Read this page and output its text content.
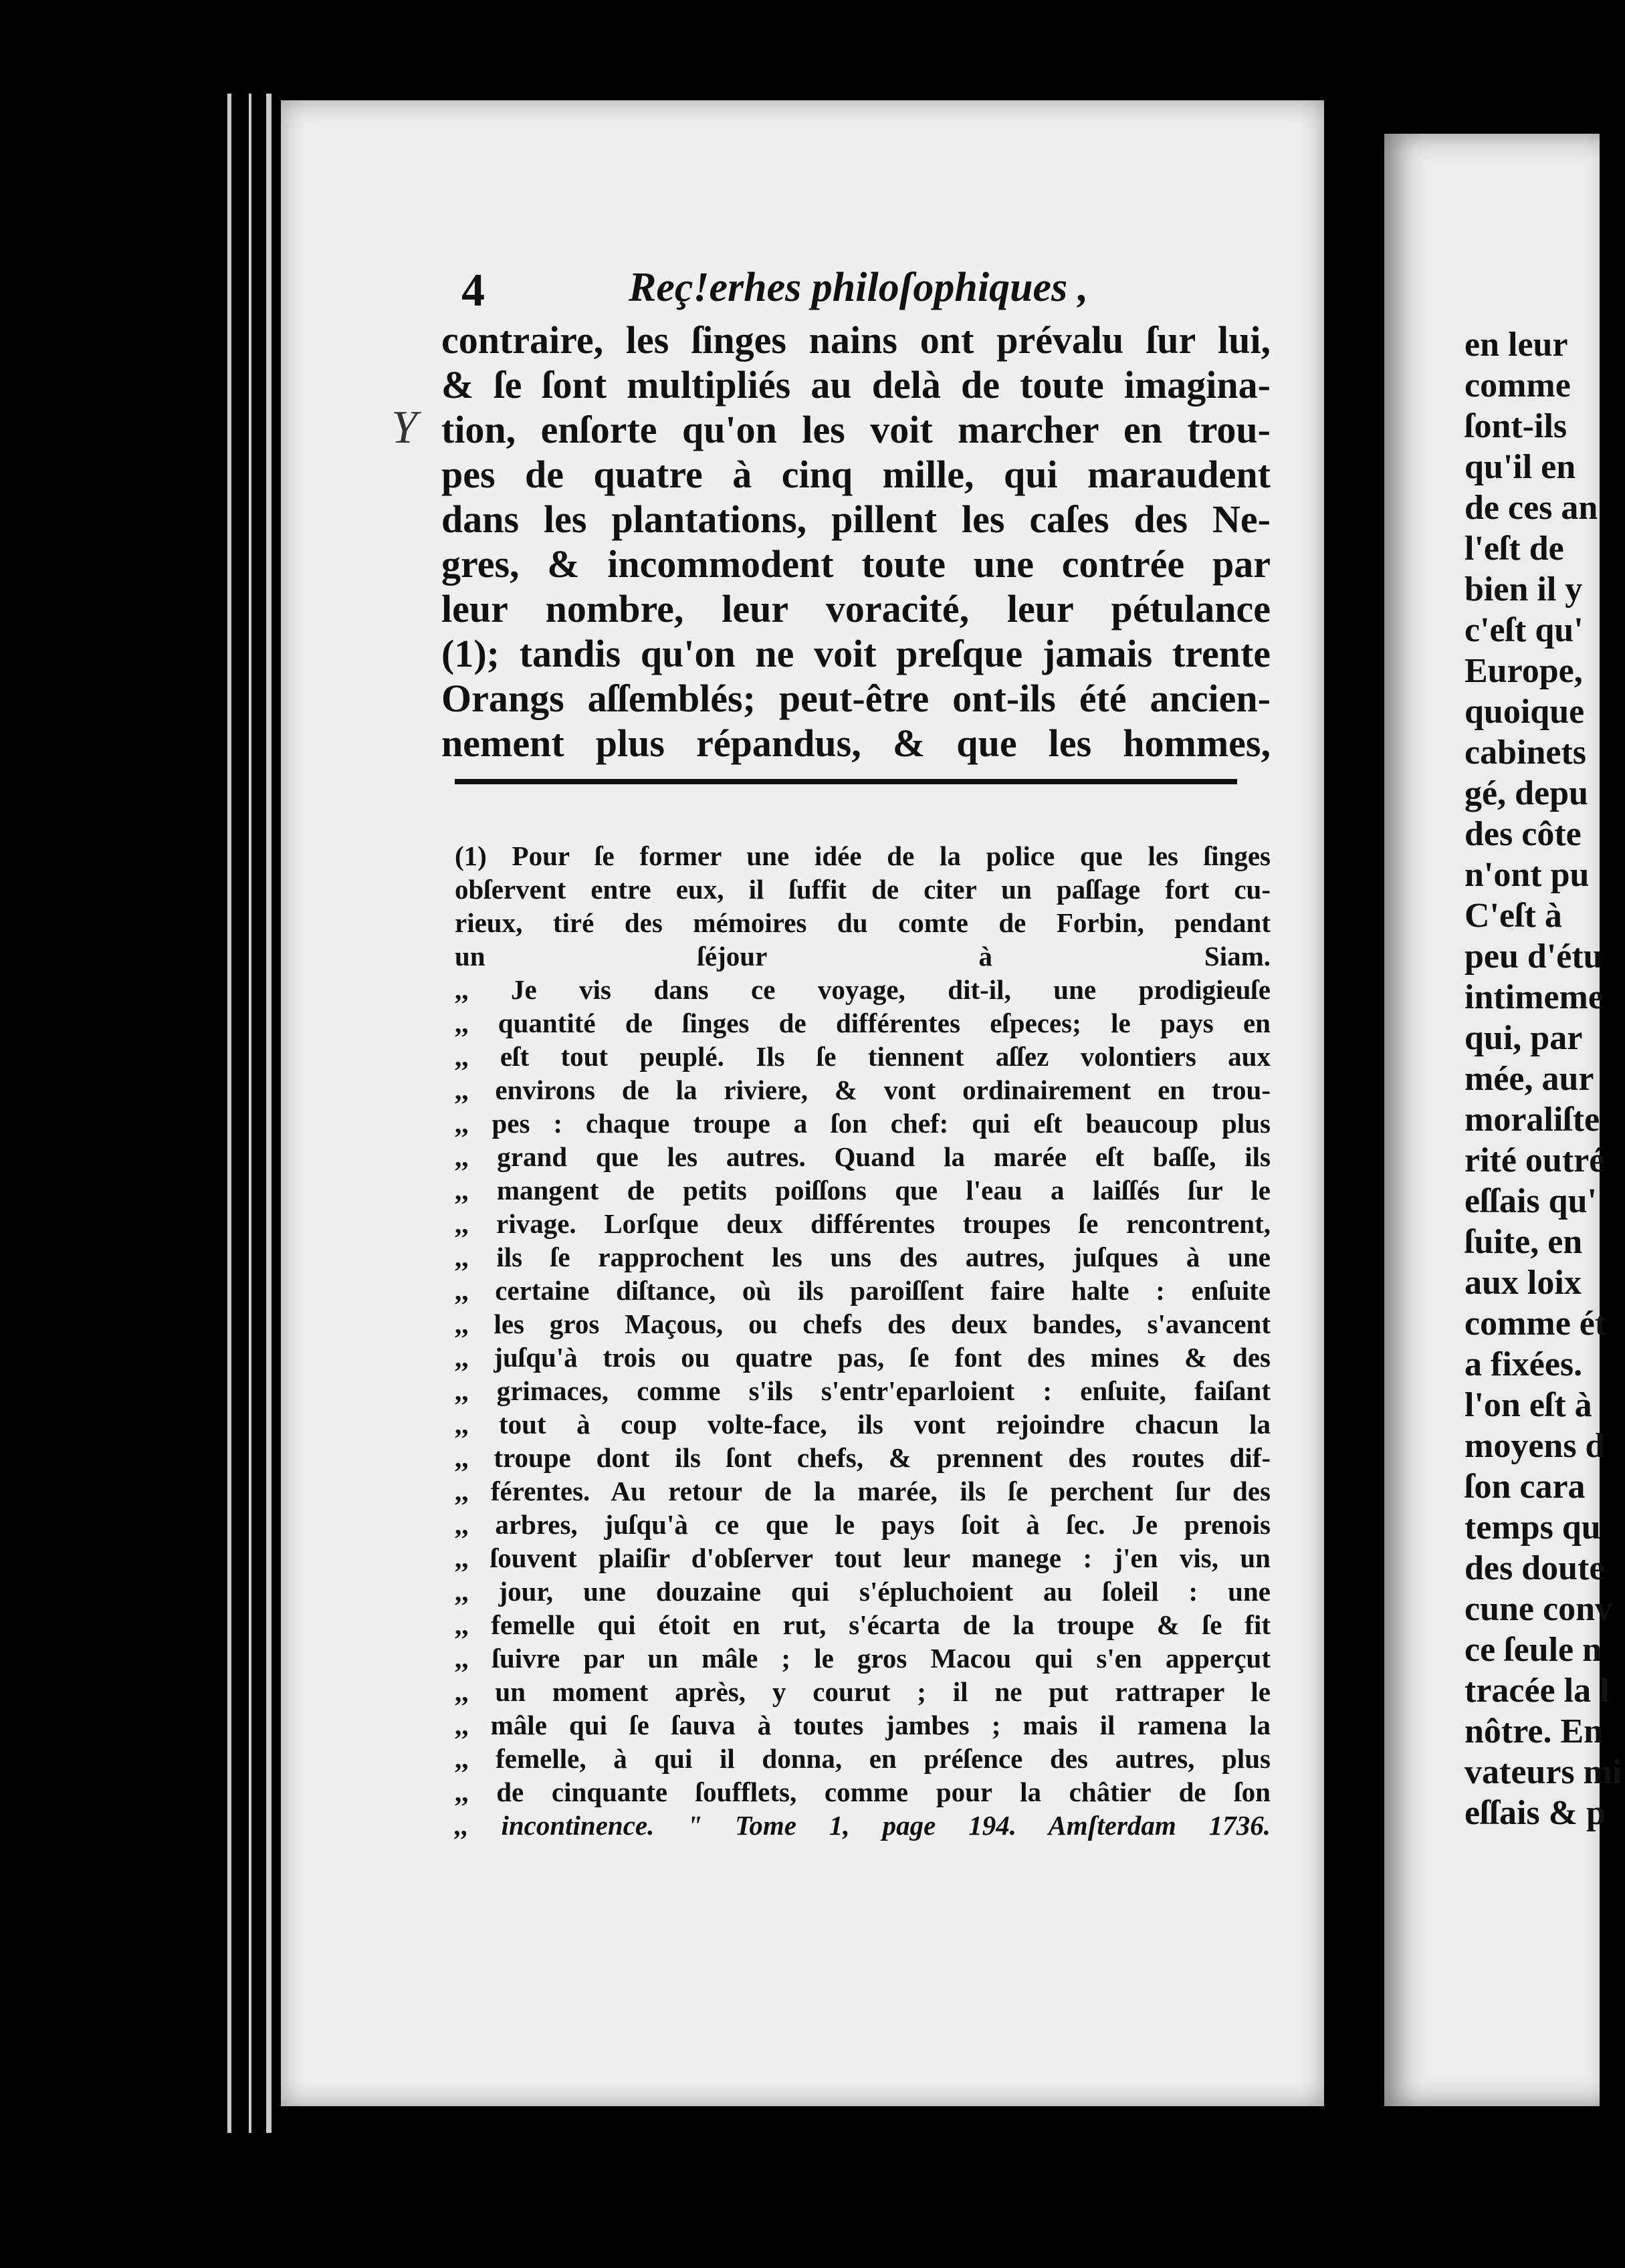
4	Reç!erhes philoſophiques ,
Y
contraire, les ſinges nains ont prévalu ſur lui,
& ſe ſont multipliés au delà de toute imagina-
tion, enſorte qu'on les voit marcher en trou-
pes de quatre à cinq mille, qui maraudent
dans les plantations, pillent les caſes des Ne-
gres, & incommodent toute une contrée par
leur nombre, leur voracité, leur pétulance
(1); tandis qu'on ne voit preſque jamais trente
Orangs aſſemblés; peut-être ont-ils été ancien-
nement plus répandus, & que les hommes,
(1) Pour ſe former une idée de la police que les ſinges
obſervent entre eux, il ſuffit de citer un paſſage fort cu-
rieux, tiré des mémoires du comte de Forbin, pendant
un ſéjour à Siam.
,, Je vis dans ce voyage, dit-il, une prodigieuſe
,, quantité de ſinges de différentes eſpeces; le pays en
,, eſt tout peuplé. Ils ſe tiennent aſſez volontiers aux
,, environs de la riviere, & vont ordinairement en trou-
,, pes : chaque troupe a ſon chef: qui eſt beaucoup plus
,, grand que les autres. Quand la marée eſt baſſe, ils
,, mangent de petits poiſſons que l'eau a laiſſés ſur le
,, rivage. Lorſque deux différentes troupes ſe rencontrent,
,, ils ſe rapprochent les uns des autres, juſques à une
,, certaine diſtance, où ils paroiſſent faire halte : enſuite
,, les gros Maçous, ou chefs des deux bandes, s'avancent
,, juſqu'à trois ou quatre pas, ſe font des mines & des
,, grimaces, comme s'ils s'entr'eparloient : enſuite, faiſant
,, tout à coup volte-face, ils vont rejoindre chacun la
,, troupe dont ils ſont chefs, & prennent des routes dif-
,, férentes. Au retour de la marée, ils ſe perchent ſur des
,, arbres, juſqu'à ce que le pays ſoit à ſec. Je prenois
,, ſouvent plaiſir d'obſerver tout leur manege : j'en vis, un
,, jour, une douzaine qui s'épluchoient au ſoleil : une
,, femelle qui étoit en rut, s'écarta de la troupe & ſe fit
,, ſuivre par un mâle ; le gros Macou qui s'en apperçut
,, un moment après, y courut ; il ne put rattraper le
,, mâle qui ſe ſauva à toutes jambes ; mais il ramena la
,, femelle, à qui il donna, en préſence des autres, plus
,, de cinquante ſoufflets, comme pour la châtier de ſon
,, incontinence. " Tome 1, page 194. Amſterdam 1736.
en leur
comme
ſont-ils
qu'il en
de ces an
l'eſt de
bien il y
c'eſt qu'
Europe,
quoique
cabinets
gé, depu
des côte
n'ont pu
C'eſt à
peu d'étu
intimeme
qui, par
mée, aur
moraliſte
rité outré
eſſais qu'
ſuite, en
aux loix
comme ét
a fixées.
l'on eſt à
moyens d
ſon cara
temps qu
des doute
cune conv
ce ſeule n
tracée la l
nôtre. En
vateurs mi
eſſais & p
